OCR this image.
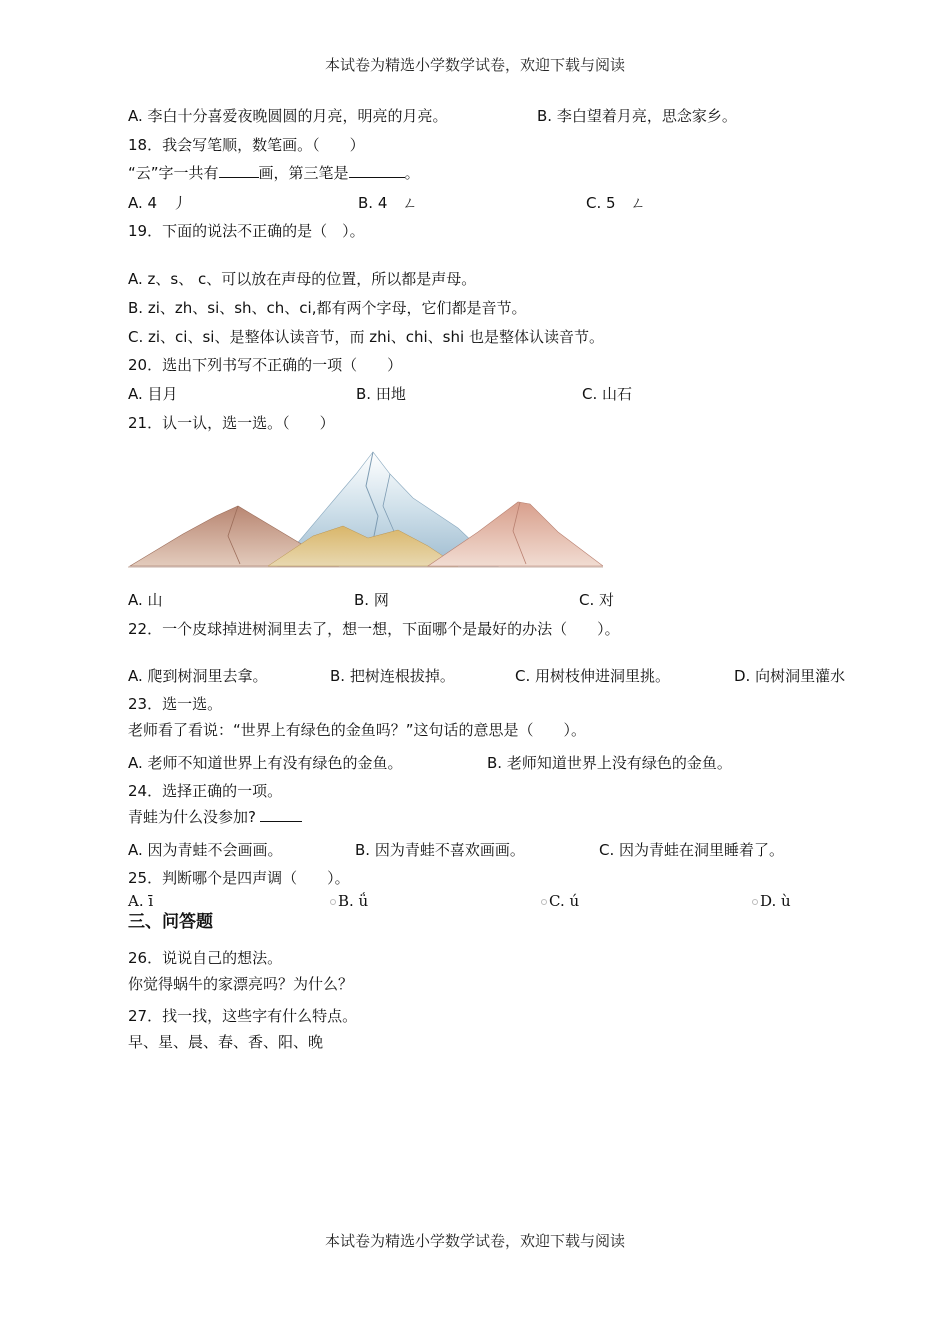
本试卷为精选小学数学试卷，欢迎下载与阅读
A. 李白十分喜爱夜晚圆圆的月亮，明亮的月亮。	B. 李白望着月亮，思念家乡。
18．我会写笔顺，数笔画。（　　）
“云”字一共有	画，第三笔是	。
A. 4　丿	B. 4　ㄥ	C. 5　ㄥ
19．下面的说法不正确的是（　）。
A. z、s、 c、可以放在声母的位置，所以都是声母。
B. zi、zh、si、sh、ch、ci,都有两个字母，它们都是音节。
C. zi、ci、si、是整体认读音节，而 zhi、chi、shi 也是整体认读音节。
20．选出下列书写不正确的一项（　　）
A. 目月	B. 田地	C. 山石
21．认一认，选一选。（　　）
A. 山	B. 网	C. 对
22．一个皮球掉进树洞里去了，想一想，下面哪个是最好的办法（　　）。
A. 爬到树洞里去拿。	B. 把树连根拔掉。	C. 用树枝伸进洞里挑。	D. 向树洞里灌水
23．选一选。
老师看了看说：“世界上有绿色的金鱼吗？”这句话的意思是（　　）。
A. 老师不知道世界上有没有绿色的金鱼。	B. 老师知道世界上没有绿色的金鱼。
24．选择正确的一项。
青蛙为什么没参加?
A. 因为青蛙不会画画。	B. 因为青蛙不喜欢画画。	C. 因为青蛙在洞里睡着了。
25．判断哪个是四声调（　　）。
A. ī	B. ǘ	C. ú	D. ù
三、问答题
26．说说自己的想法。
你觉得蜗牛的家漂亮吗？为什么？
27．找一找，这些字有什么特点。
早、星、晨、春、香、阳、晚
本试卷为精选小学数学试卷，欢迎下载与阅读
